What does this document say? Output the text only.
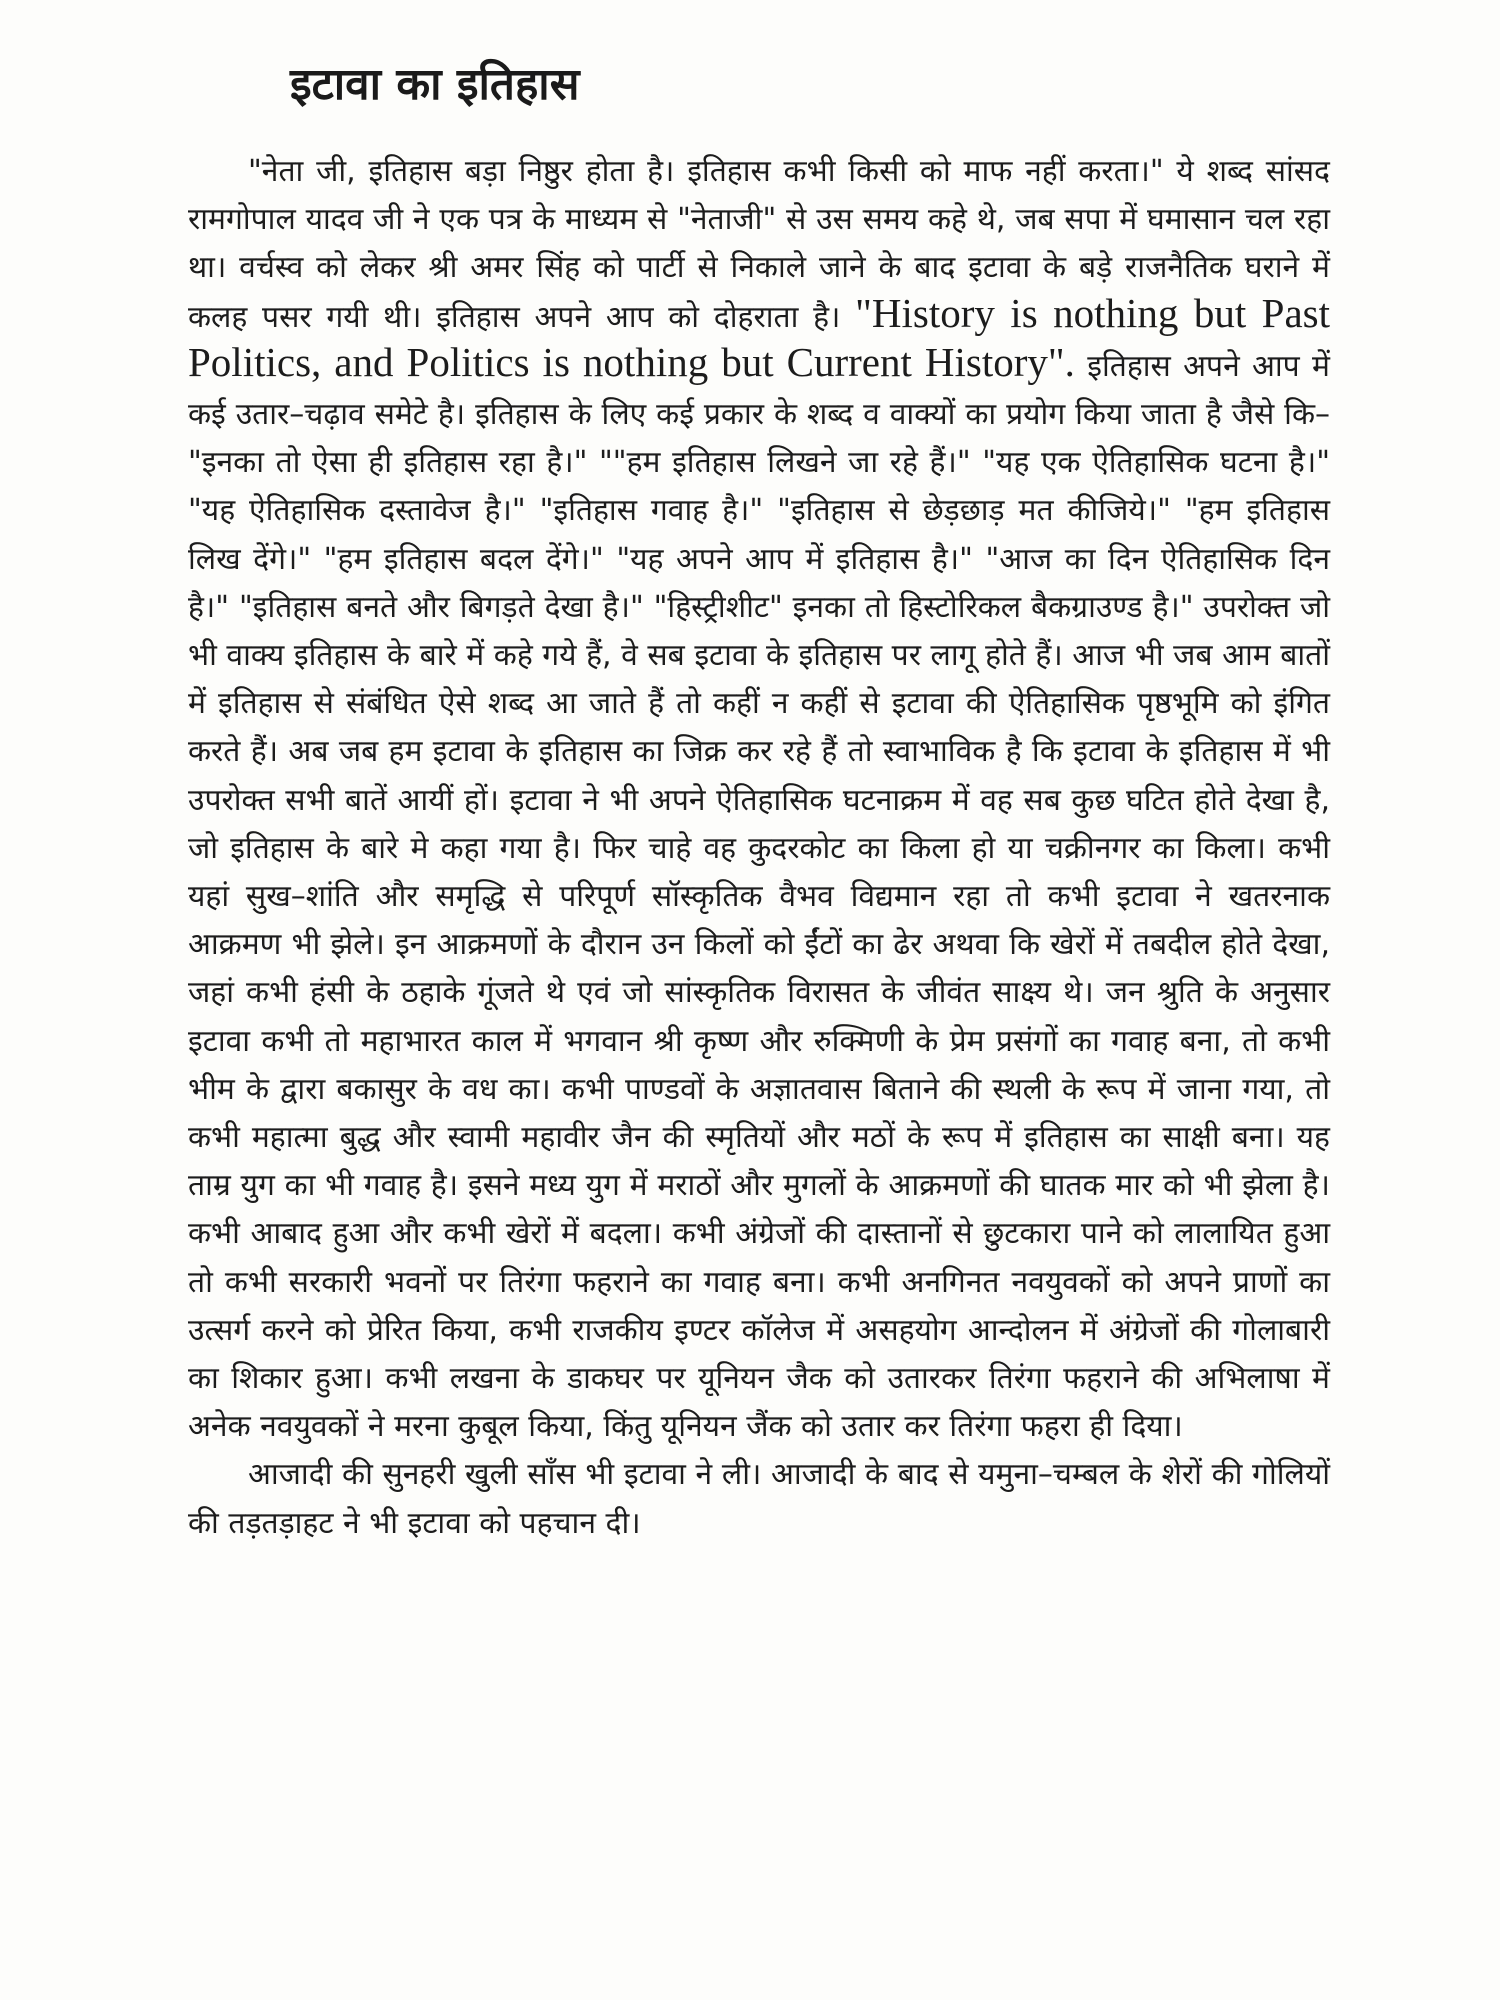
इटावा का इतिहास

"नेता जी, इतिहास बड़ा निष्ठुर होता है। इतिहास कभी किसी को माफ नहीं करता।" ये शब्द सांसद रामगोपाल यादव जी ने एक पत्र के माध्यम से "नेताजी" से उस समय कहे थे, जब सपा में घमासान चल रहा था। वर्चस्व को लेकर श्री अमर सिंह को पार्टी से निकाले जाने के बाद इटावा के बड़े राजनैतिक घराने में कलह पसर गयी थी। इतिहास अपने आप को दोहराता है। "History is nothing but Past Politics, and Politics is nothing but Current History". इतिहास अपने आप में कई उतार–चढ़ाव समेटे है। इतिहास के लिए कई प्रकार के शब्द व वाक्यों का प्रयोग किया जाता है जैसे कि– "इनका तो ऐसा ही इतिहास रहा है।" ""हम इतिहास लिखने जा रहे हैं।" "यह एक ऐतिहासिक घटना है।" "यह ऐतिहासिक दस्तावेज है।" "इतिहास गवाह है।" "इतिहास से छेड़छाड़ मत कीजिये।" "हम इतिहास लिख देंगे।" "हम इतिहास बदल देंगे।" "यह अपने आप में इतिहास है।" "आज का दिन ऐतिहासिक दिन है।" "इतिहास बनते और बिगड़ते देखा है।" "हिस्ट्रीशीट" इनका तो हिस्टोरिकल बैकग्राउण्ड है।" उपरोक्त जो भी वाक्य इतिहास के बारे में कहे गये हैं, वे सब इटावा के इतिहास पर लागू होते हैं। आज भी जब आम बातों में इतिहास से संबंधित ऐसे शब्द आ जाते हैं तो कहीं न कहीं से इटावा की ऐतिहासिक पृष्ठभूमि को इंगित करते हैं। अब जब हम इटावा के इतिहास का जिक्र कर रहे हैं तो स्वाभाविक है कि इटावा के इतिहास में भी उपरोक्त सभी बातें आयीं हों। इटावा ने भी अपने ऐतिहासिक घटनाक्रम में वह सब कुछ घटित होते देखा है, जो इतिहास के बारे मे कहा गया है। फिर चाहे वह कुदरकोट का किला हो या चक्रीनगर का किला। कभी यहां सुख–शांति और समृद्धि से परिपूर्ण सॉस्कृतिक वैभव विद्यमान रहा तो कभी इटावा ने खतरनाक आक्रमण भी झेले। इन आक्रमणों के दौरान उन किलों को ईंटों का ढेर अथवा कि खेरों में तबदील होते देखा, जहां कभी हंसी के ठहाके गूंजते थे एवं जो सांस्कृतिक विरासत के जीवंत साक्ष्य थे। जन श्रुति के अनुसार इटावा कभी तो महाभारत काल में भगवान श्री कृष्ण और रुक्मिणी के प्रेम प्रसंगों का गवाह बना, तो कभी भीम के द्वारा बकासुर के वध का। कभी पाण्डवों के अज्ञातवास बिताने की स्थली के रूप में जाना गया, तो कभी महात्मा बुद्ध और स्वामी महावीर जैन की स्मृतियों और मठों के रूप में इतिहास का साक्षी बना। यह ताम्र युग का भी गवाह है। इसने मध्य युग में मराठों और मुगलों के आक्रमणों की घातक मार को भी झेला है। कभी आबाद हुआ और कभी खेरों में बदला। कभी अंग्रेजों की दास्तानों से छुटकारा पाने को लालायित हुआ तो कभी सरकारी भवनों पर तिरंगा फहराने का गवाह बना। कभी अनगिनत नवयुवकों को अपने प्राणों का उत्सर्ग करने को प्रेरित किया, कभी राजकीय इण्टर कॉलेज में असहयोग आन्दोलन में अंग्रेजों की गोलाबारी का शिकार हुआ। कभी लखना के डाकघर पर यूनियन जैक को उतारकर तिरंगा फहराने की अभिलाषा में अनेक नवयुवकों ने मरना कुबूल किया, किंतु यूनियन जैंक को उतार कर तिरंगा फहरा ही दिया।

आजादी की सुनहरी खुली साँस भी इटावा ने ली। आजादी के बाद से यमुना–चम्बल के शेरों की गोलियों की तड़तड़ाहट ने भी इटावा को पहचान दी।
